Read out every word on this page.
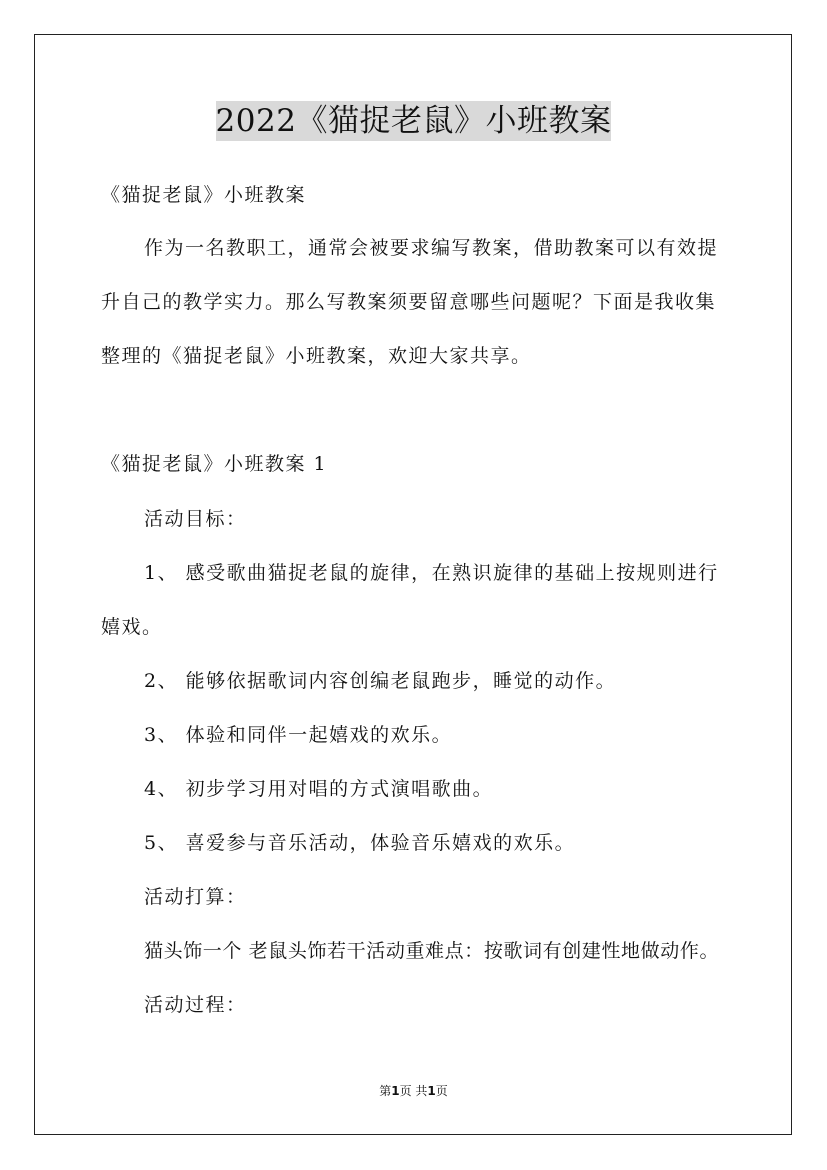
2022《猫捉老鼠》小班教案
《猫捉老鼠》小班教案
作为一名教职工，通常会被要求编写教案，借助教案可以有效提
升自己的教学实力。那么写教案须要留意哪些问题呢？下面是我收集
整理的《猫捉老鼠》小班教案，欢迎大家共享。
《猫捉老鼠》小班教案 1
活动目标：
1、 感受歌曲猫捉老鼠的旋律，在熟识旋律的基础上按规则进行
嬉戏。
2、 能够依据歌词内容创编老鼠跑步，睡觉的动作。
3、 体验和同伴一起嬉戏的欢乐。
4、 初步学习用对唱的方式演唱歌曲。
5、 喜爱参与音乐活动，体验音乐嬉戏的欢乐。
活动打算：
猫头饰一个 老鼠头饰若干活动重难点：按歌词有创建性地做动作。
活动过程：
第1页 共1页
